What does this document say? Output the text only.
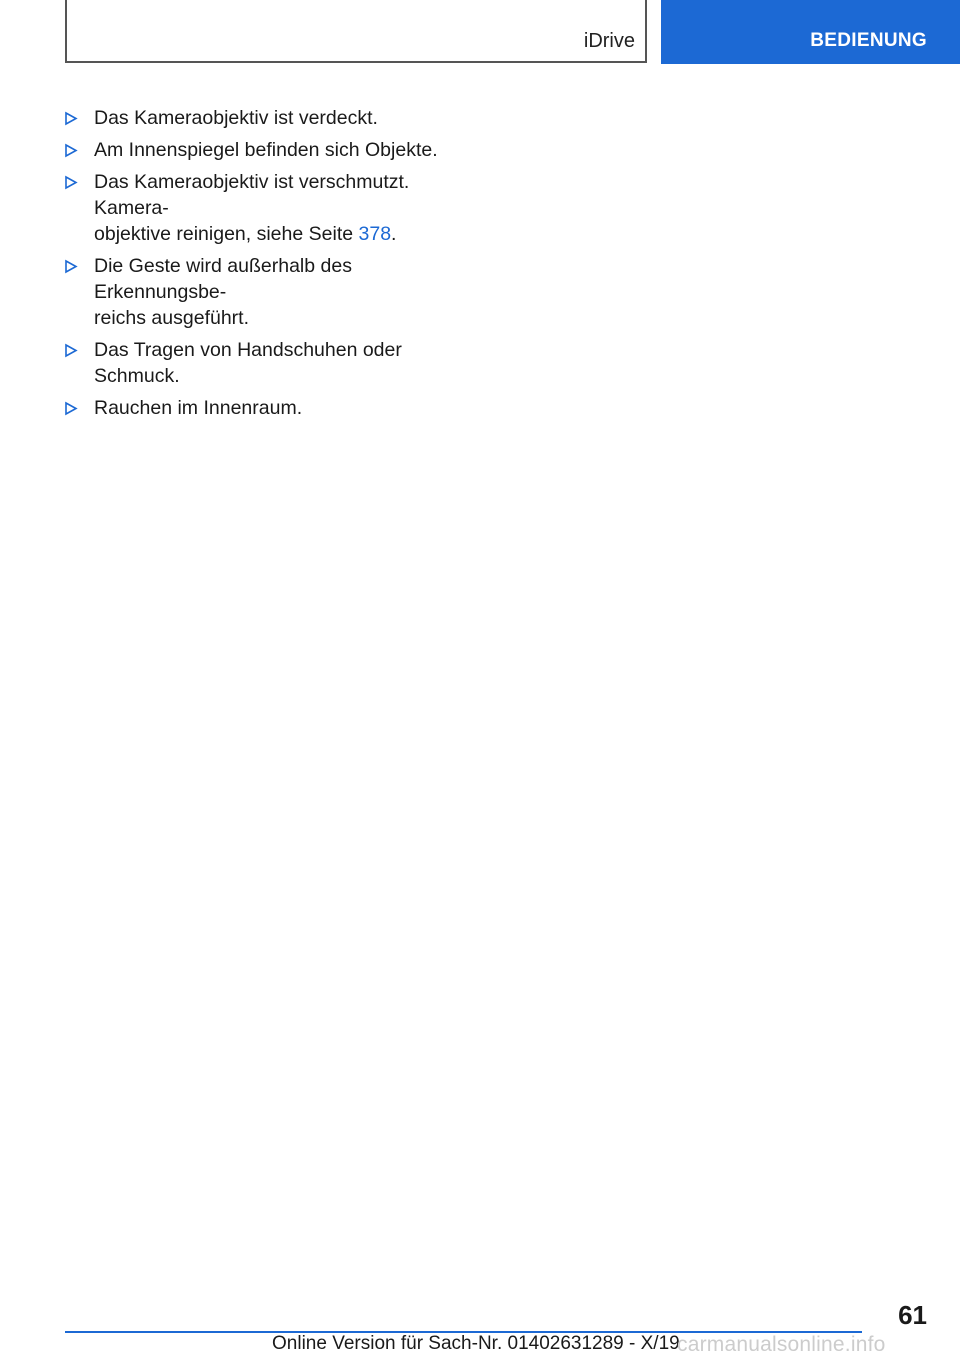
iDrive	BEDIENUNG
Das Kameraobjektiv ist verdeckt.
Am Innenspiegel befinden sich Objekte.
Das Kameraobjektiv ist verschmutzt. Kamera-
objektive reinigen, siehe Seite 378.
Die Geste wird außerhalb des Erkennungsbe-
reichs ausgeführt.
Das Tragen von Handschuhen oder
Schmuck.
Rauchen im Innenraum.
61
Online Version für Sach-Nr. 01402631289 - X/19
carmanualsonline.info
